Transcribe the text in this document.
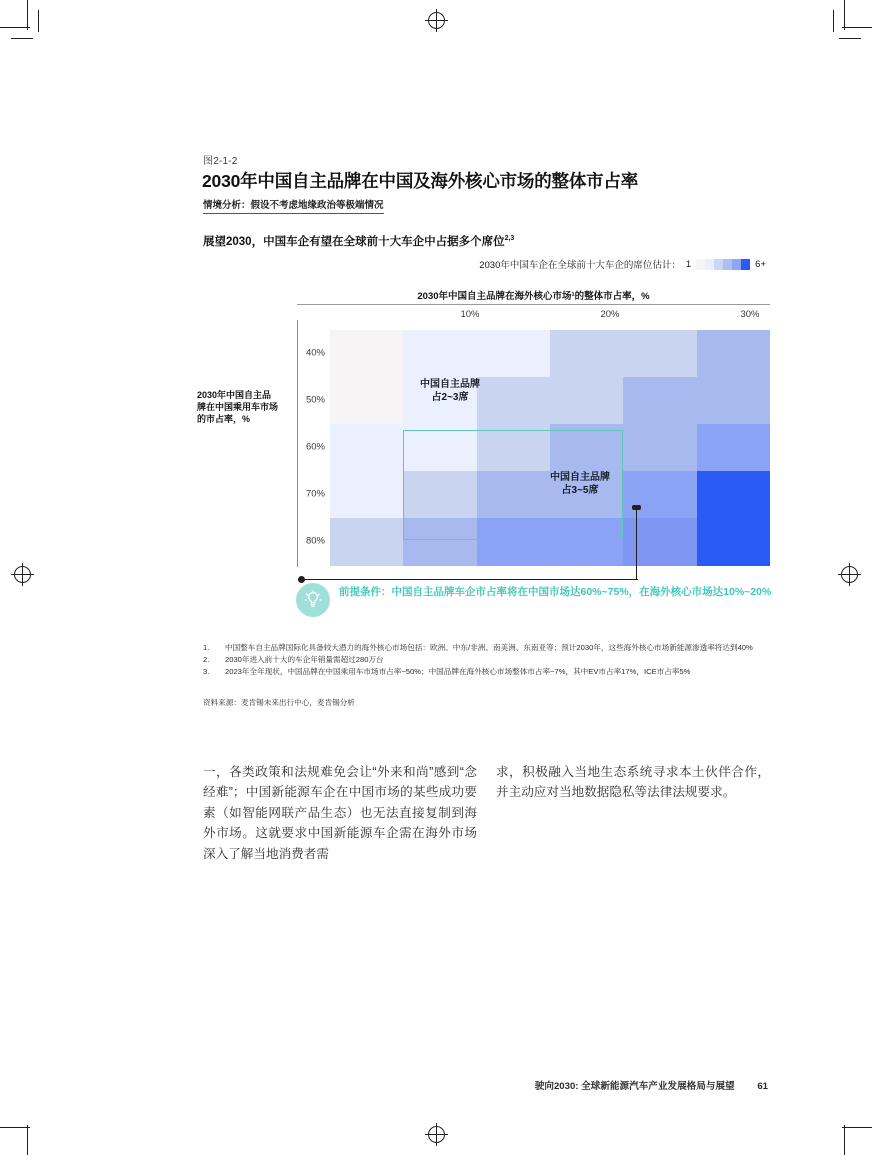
图2-1-2
2030年中国自主品牌在中国及海外核心市场的整体市占率
情境分析：假设不考虑地缘政治等极端情况
展望2030，中国车企有望在全球前十大车企中占据多个席位$^{2,3}$
2030年中国车企在全球前十大车企的席位估计： 1	6+
2030年中国自主品牌在中国乘用车市场的市占率，%
2030年中国自主品牌在海外核心市场¹的整体市占率，%
10%	20%	30%
40%
50%
60%
70%
80%
中国自主品牌
占2~3席
中国自主品牌
占3~5席
前提条件：中国自主品牌车企市占率将在中国市场达60%~75%，在海外核心市场达10%~20%
1.	中国整车自主品牌国际化具备较大潜力的海外核心市场包括：欧洲、中东/非洲、南美洲、东南亚等；预计2030年，这些海外核心市场新能源渗透率将达到40%
2.	2030年进入前十大的车企年销量需超过280万台
3.	2023年全年现状，中国品牌在中国乘用车市场市占率~50%；中国品牌在海外核心市场整体市占率~7%，其中EV市占率17%，ICE市占率5%
资料来源：麦肯锡未来出行中心，麦肯锡分析
一，各类政策和法规难免会让“外来和尚”感到“念经难”；中国新能源车企在中国市场的某些成功要素（如智能网联产品生态）也无法直接复制到海外市场。这就要求中国新能源车企需在海外市场深入了解当地消费者需
求，积极融入当地生态系统寻求本土伙伴合作，并主动应对当地数据隐私等法律法规要求。
驶向2030: 全球新能源汽车产业发展格局与展望 61
